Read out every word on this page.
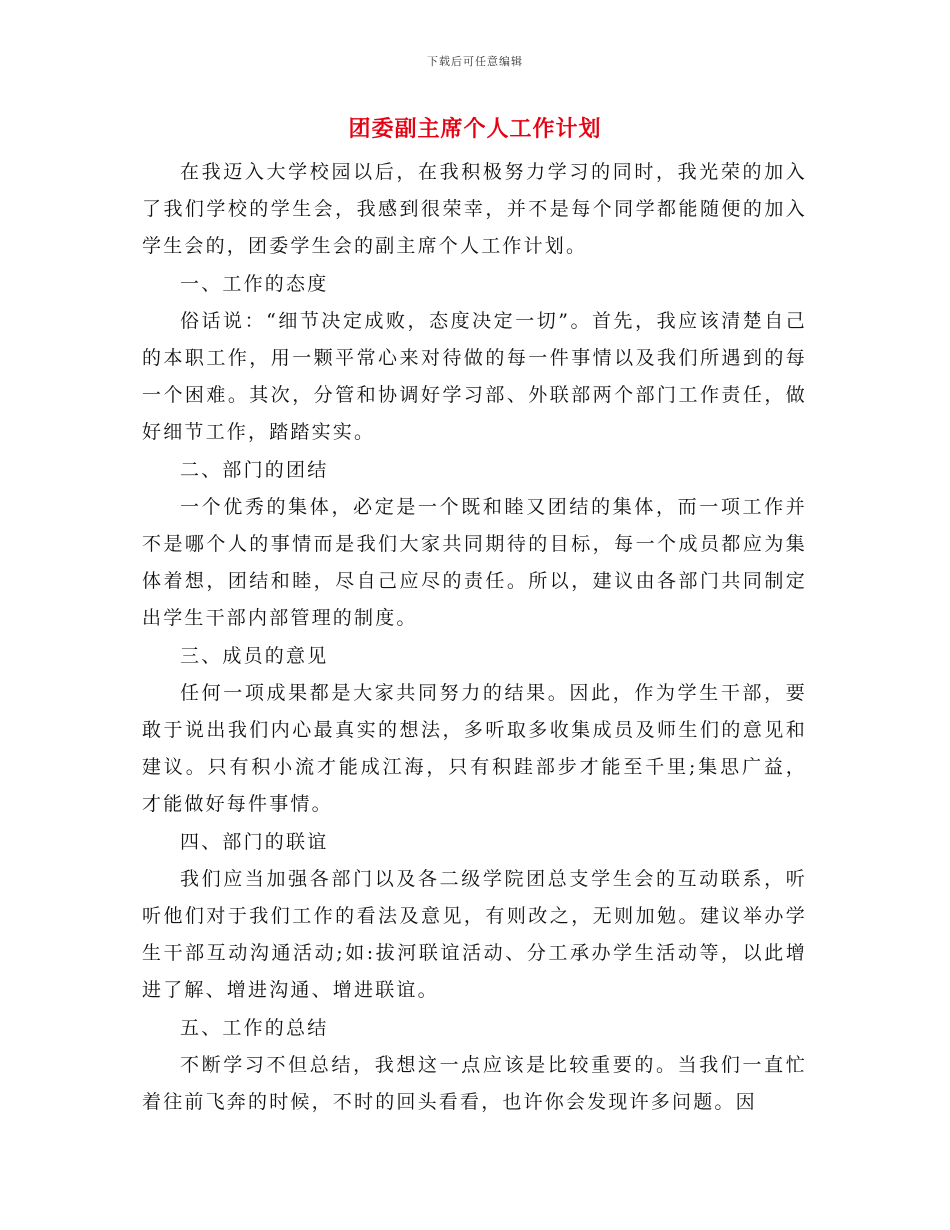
下载后可任意编辑
团委副主席个人工作计划

在我迈入大学校园以后，在我积极努力学习的同时，我光荣的加入了我们学校的学生会，我感到很荣幸，并不是每个同学都能随便的加入学生会的，团委学生会的副主席个人工作计划。

一、工作的态度

俗话说：“细节决定成败，态度决定一切”。首先，我应该清楚自己的本职工作，用一颗平常心来对待做的每一件事情以及我们所遇到的每一个困难。其次，分管和协调好学习部、外联部两个部门工作责任，做好细节工作，踏踏实实。

二、部门的团结

一个优秀的集体，必定是一个既和睦又团结的集体，而一项工作并不是哪个人的事情而是我们大家共同期待的目标，每一个成员都应为集体着想，团结和睦，尽自己应尽的责任。所以，建议由各部门共同制定出学生干部内部管理的制度。

三、成员的意见

任何一项成果都是大家共同努力的结果。因此，作为学生干部，要敢于说出我们内心最真实的想法，多听取多收集成员及师生们的意见和建议。只有积小流才能成江海，只有积跬部步才能至千里;集思广益，才能做好每件事情。

四、部门的联谊

我们应当加强各部门以及各二级学院团总支学生会的互动联系，听听他们对于我们工作的看法及意见，有则改之，无则加勉。建议举办学生干部互动沟通活动;如:拔河联谊活动、分工承办学生活动等，以此增进了解、增进沟通、增进联谊。

五、工作的总结

不断学习不但总结，我想这一点应该是比较重要的。当我们一直忙着往前飞奔的时候，不时的回头看看，也许你会发现许多问题。因
